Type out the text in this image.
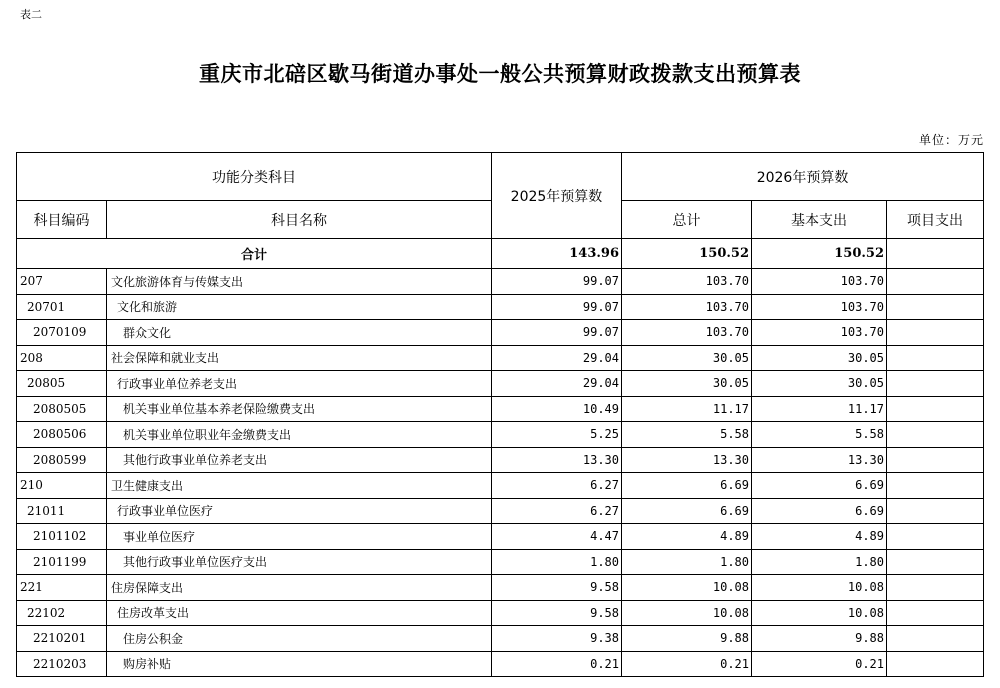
表二
重庆市北碚区歇马街道办事处一般公共预算财政拨款支出预算表
单位：万元
功能分类科目		2025年预算数	2026年预算数		
科目编码	科目名称		总计	基本支出	项目支出
合计		143.96	150.52	150.52	
207	文化旅游体育与传媒支出	99.07	103.70	103.70	
20701	文化和旅游	99.07	103.70	103.70	
2070109	群众文化	99.07	103.70	103.70	
208	社会保障和就业支出	29.04	30.05	30.05	
20805	行政事业单位养老支出	29.04	30.05	30.05	
2080505	机关事业单位基本养老保险缴费支出	10.49	11.17	11.17	
2080506	机关事业单位职业年金缴费支出	5.25	5.58	5.58	
2080599	其他行政事业单位养老支出	13.30	13.30	13.30	
210	卫生健康支出	6.27	6.69	6.69	
21011	行政事业单位医疗	6.27	6.69	6.69	
2101102	事业单位医疗	4.47	4.89	4.89	
2101199	其他行政事业单位医疗支出	1.80	1.80	1.80	
221	住房保障支出	9.58	10.08	10.08	
22102	住房改革支出	9.58	10.08	10.08	
2210201	住房公积金	9.38	9.88	9.88	
2210203	购房补贴	0.21	0.21	0.21	
